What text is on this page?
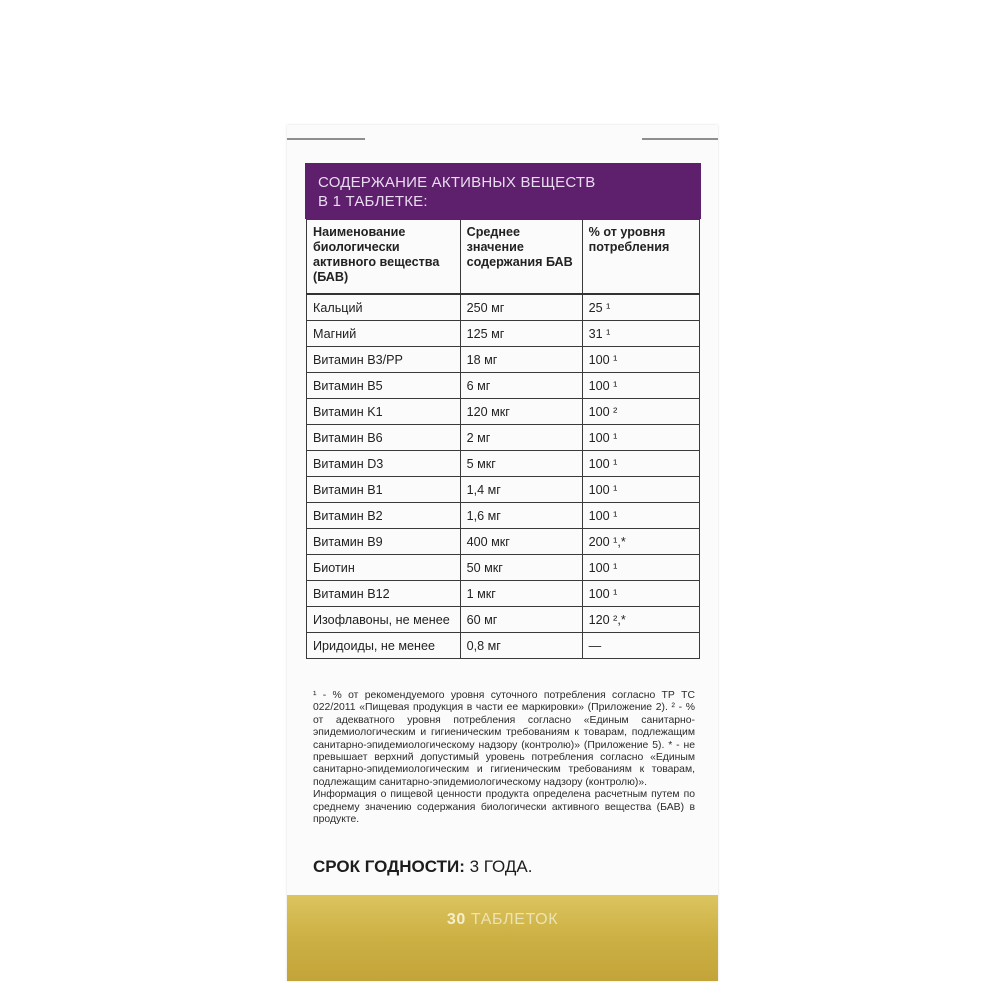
СОДЕРЖАНИЕ АКТИВНЫХ ВЕЩЕСТВ
В 1 ТАБЛЕТКЕ:
Наименование биологически активного вещества (БАВ)	Среднее значение содержания БАВ	% от уровня потребления
Кальций	250 мг	25 ¹
Магний	125 мг	31 ¹
Витамин B3/PP	18 мг	100 ¹
Витамин B5	6 мг	100 ¹
Витамин K1	120 мкг	100 ²
Витамин B6	2 мг	100 ¹
Витамин D3	5 мкг	100 ¹
Витамин B1	1,4 мг	100 ¹
Витамин B2	1,6 мг	100 ¹
Витамин B9	400 мкг	200 ¹,*
Биотин	50 мкг	100 ¹
Витамин B12	1 мкг	100 ¹
Изофлавоны, не менее	60 мг	120 ²,*
Иридоиды, не менее	0,8 мг	—

¹ - % от рекомендуемого уровня суточного потребления согласно ТР ТС 022/2011 «Пищевая продукция в части ее маркировки» (Приложение 2). ² - % от адекватного уровня потребления согласно «Единым санитарно-эпидемиологическим и гигиеническим требованиям к товарам, подлежащим санитарно-эпидемиологическому надзору (контролю)» (Приложение 5). * - не превышает верхний допустимый уровень потребления согласно «Единым санитарно-эпидемиологическим и гигиеническим требованиям к товарам, подлежащим санитарно-эпидемиологическому надзору (контролю)».

Информация о пищевой ценности продукта определена расчетным путем по среднему значению содержания биологически активного вещества (БАВ) в продукте.

СРОК ГОДНОСТИ: 3 ГОДА.
30 ТАБЛЕТОК
